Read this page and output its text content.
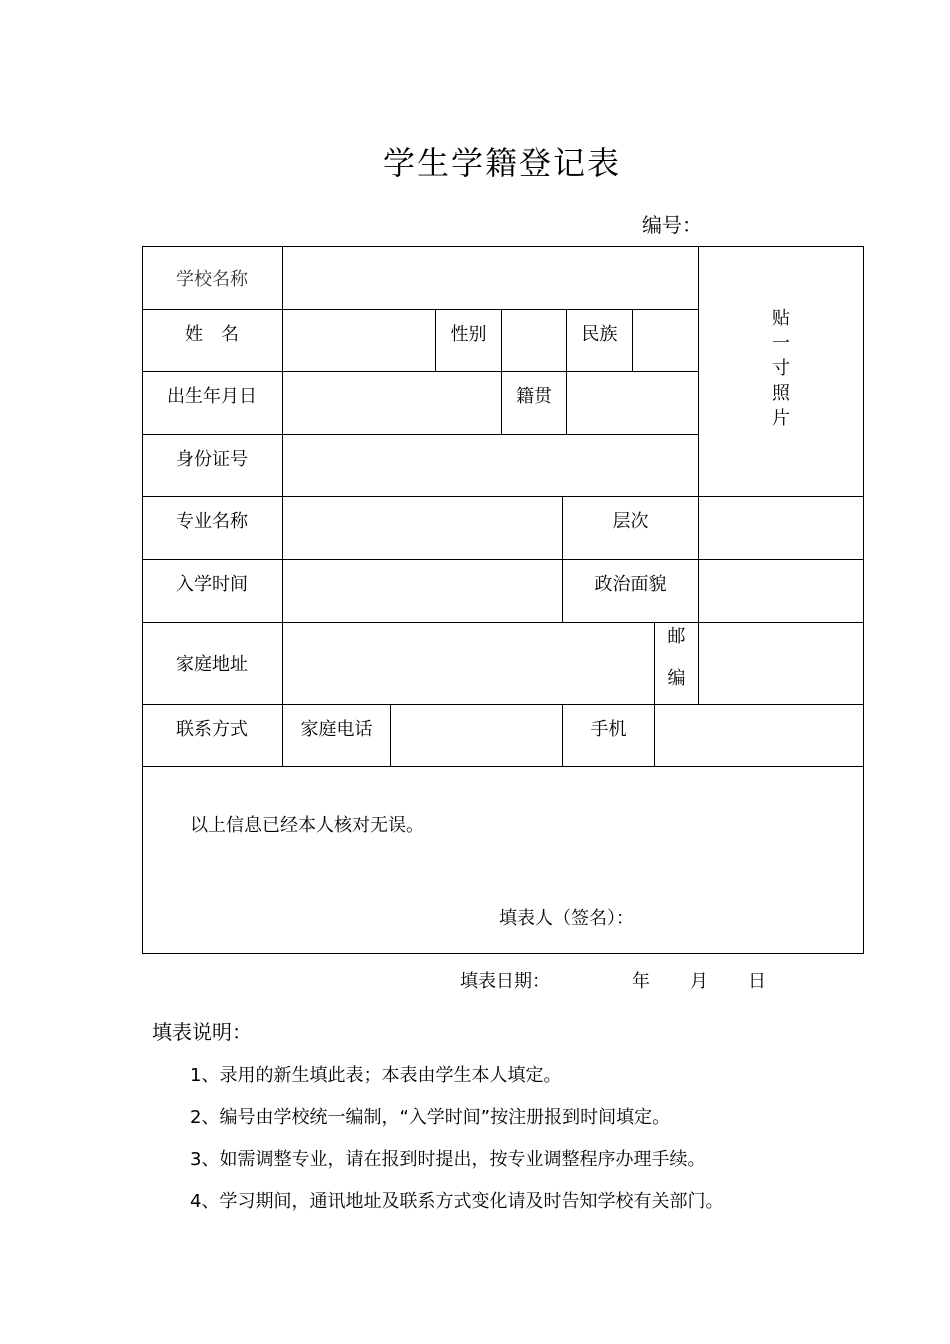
学生学籍登记表
编号：
学校名称
姓　名	性别	民族
出生年月日	籍贯
身份证号
贴
一
寸
照
片
专业名称	层次
入学时间	政治面貌
家庭地址
邮
编
联系方式	家庭电话	手机
以上信息已经本人核对无误。
填表人（签名）：
填表日期：	年 月 日
填表说明：
1、录用的新生填此表；本表由学生本人填定。
2、编号由学校统一编制，“入学时间”按注册报到时间填定。
3、如需调整专业，请在报到时提出，按专业调整程序办理手续。
4、学习期间，通讯地址及联系方式变化请及时告知学校有关部门。
